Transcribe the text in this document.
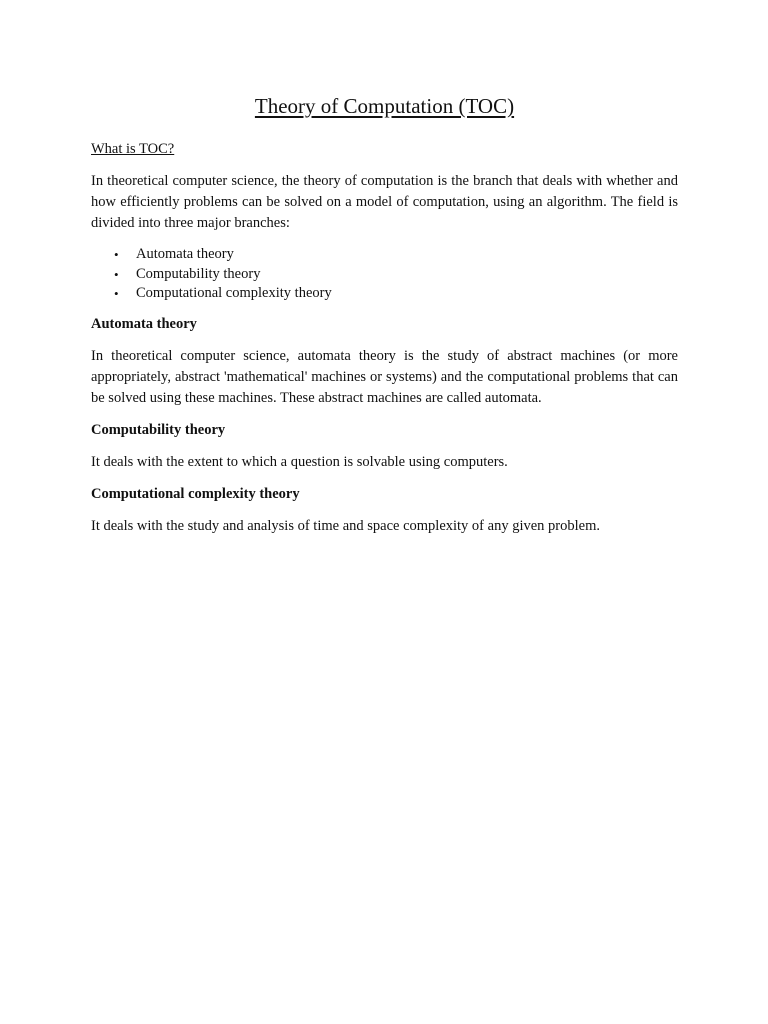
Theory of Computation (TOC)
What is TOC?

In theoretical computer science, the theory of computation is the branch that deals with whether and how efficiently problems can be solved on a model of computation, using an algorithm. The field is divided into three major branches:

• Automata theory
• Computability theory
• Computational complexity theory
Automata theory

In theoretical computer science, automata theory is the study of abstract machines (or more appropriately, abstract 'mathematical' machines or systems) and the computational problems that can be solved using these machines. These abstract machines are called automata.

Computability theory

It deals with the extent to which a question is solvable using computers.

Computational complexity theory

It deals with the study and analysis of time and space complexity of any given problem.
